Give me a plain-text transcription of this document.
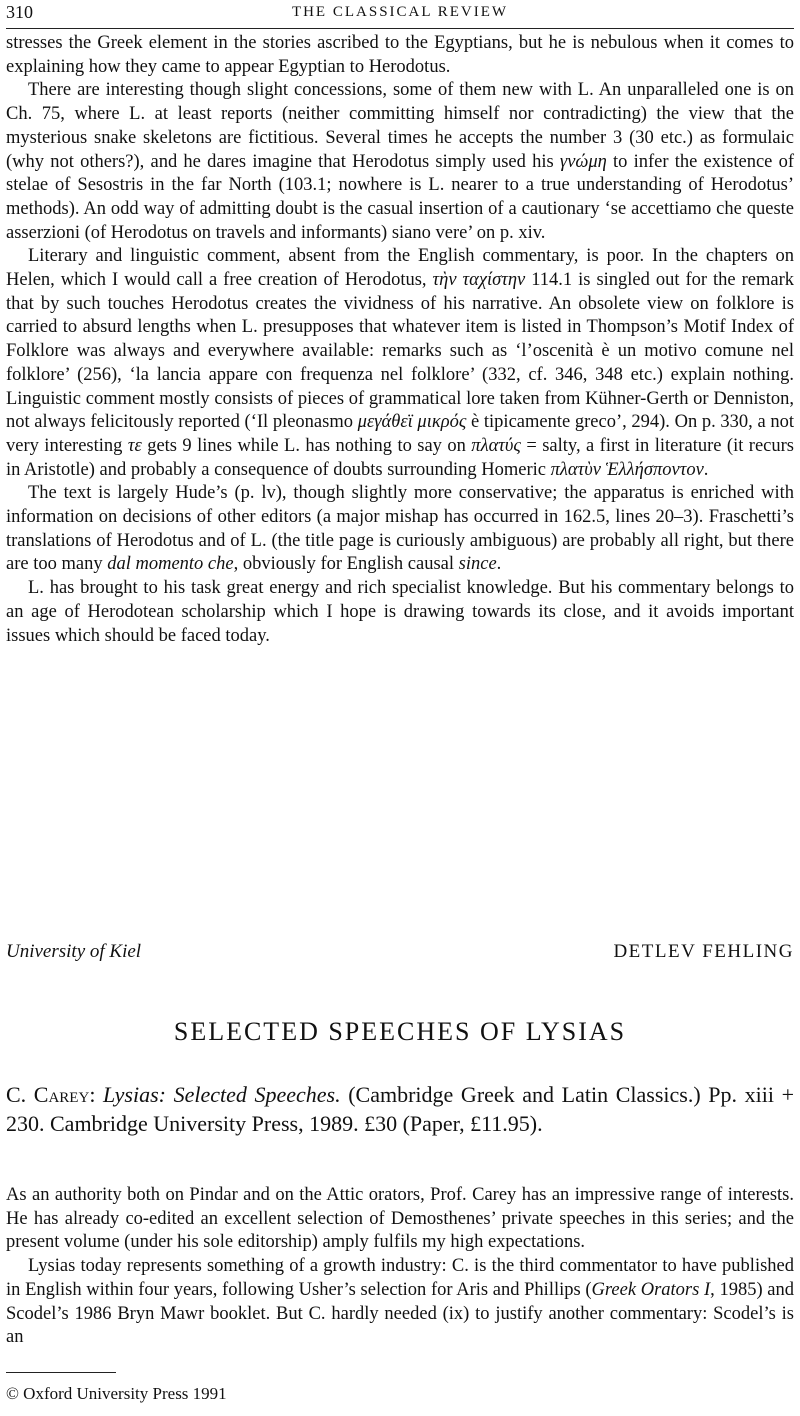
310	THE CLASSICAL REVIEW

stresses the Greek element in the stories ascribed to the Egyptians, but he is nebulous when it comes to explaining how they came to appear Egyptian to Herodotus.

There are interesting though slight concessions, some of them new with L. An unparalleled one is on Ch. 75, where L. at least reports (neither committing himself nor contradicting) the view that the mysterious snake skeletons are fictitious. Several times he accepts the number 3 (30 etc.) as formulaic (why not others?), and he dares imagine that Herodotus simply used his γνώμη to infer the existence of stelae of Sesostris in the far North (103.1; nowhere is L. nearer to a true understanding of Herodotus’ methods). An odd way of admitting doubt is the casual insertion of a cautionary ‘se accettiamo che queste asserzioni (of Herodotus on travels and informants) siano vere’ on p. xiv.

Literary and linguistic comment, absent from the English commentary, is poor. In the chapters on Helen, which I would call a free creation of Herodotus, τὴν ταχίστην 114.1 is singled out for the remark that by such touches Herodotus creates the vividness of his narrative. An obsolete view on folklore is carried to absurd lengths when L. presupposes that whatever item is listed in Thompson’s Motif Index of Folklore was always and everywhere available: remarks such as ‘l’oscenità è un motivo comune nel folklore’ (256), ‘la lancia appare con frequenza nel folklore’ (332, cf. 346, 348 etc.) explain nothing. Linguistic comment mostly consists of pieces of grammatical lore taken from Kühner-Gerth or Denniston, not always felicitously reported (‘Il pleonasmo μεγάθεϊ μικρός è tipicamente greco’, 294). On p. 330, a not very interesting τε gets 9 lines while L. has nothing to say on πλατύς = salty, a first in literature (it recurs in Aristotle) and probably a consequence of doubts surrounding Homeric πλατὺν Ἑλλήσποντον.

The text is largely Hude’s (p. lv), though slightly more conservative; the apparatus is enriched with information on decisions of other editors (a major mishap has occurred in 162.5, lines 20–3). Fraschetti’s translations of Herodotus and of L. (the title page is curiously ambiguous) are probably all right, but there are too many dal momento che, obviously for English causal since.

L. has brought to his task great energy and rich specialist knowledge. But his commentary belongs to an age of Herodotean scholarship which I hope is drawing towards its close, and it avoids important issues which should be faced today.

University of Kiel	DETLEV FEHLING
SELECTED SPEECHES OF LYSIAS
C. Carey: Lysias: Selected Speeches. (Cambridge Greek and Latin Classics.) Pp. xiii + 230. Cambridge University Press, 1989. £30 (Paper, £11.95).

As an authority both on Pindar and on the Attic orators, Prof. Carey has an impressive range of interests. He has already co-edited an excellent selection of Demosthenes’ private speeches in this series; and the present volume (under his sole editorship) amply fulfils my high expectations.

Lysias today represents something of a growth industry: C. is the third commentator to have published in English within four years, following Usher’s selection for Aris and Phillips (Greek Orators I, 1985) and Scodel’s 1986 Bryn Mawr booklet. But C. hardly needed (ix) to justify another commentary: Scodel’s is an

© Oxford University Press 1991
